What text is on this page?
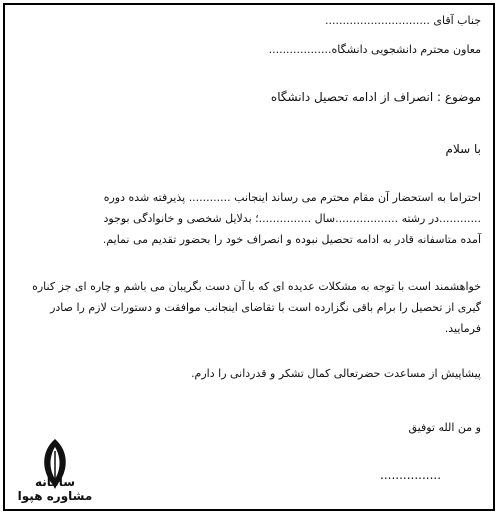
جناب آقای ..............................
معاون محترم دانشجویی دانشگاه..................
موضوع : انصراف از ادامه تحصیل دانشگاه
با سلام
احتراما به استحضار آن مقام محترم می رساند اینجانب ............ پذیرفته شده دوره
............در رشته ..................سال ...............؛ بدلایل شخصی و خانوادگی بوجود
آمده متاسفانه قادر به ادامه تحصیل نبوده و انصراف خود را بحضور تقدیم می نمایم.
خواهشمند است با توجه به مشکلات عدیده ای که با آن دست بگریبان می باشم و چاره ای جز کناره
گیری از تحصیل را برام باقی نگزارده است با تقاضای اینجانب موافقت و دستورات لازم را صادر
فرمایید.
پیشاپیش از مساعدت حضرتعالی کمال تشکر و قدردانی را دارم.
و من الله توفیق
................
سامانه مشاوره هپوا
